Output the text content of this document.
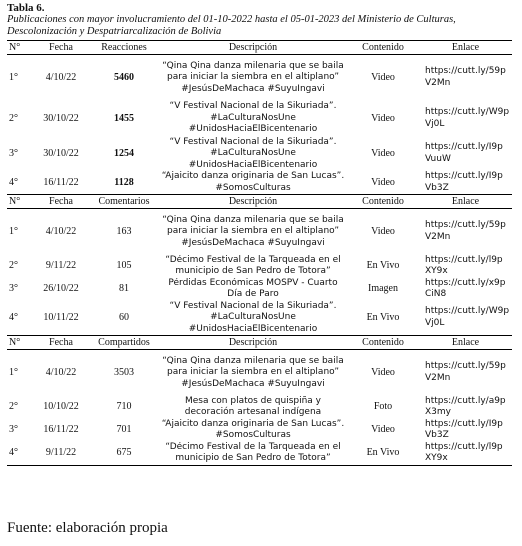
Tabla 6.
Publicaciones con mayor involucramiento del 01-10-2022 hasta el 05-01-2023 del Ministerio de Culturas, Descolonización y Despatriarcalización de Bolivia
N°	Fecha	Reacciones	Descripción	Contenido	Enlace
1°	4/10/22	5460	“Qina Qina danza milenaria que se baila para iniciar la siembra en el altiplano” #JesúsDeMachaca #SuyuIngavi	Video	https://cutt.ly/59p
V2Mn
2°	30/10/22	1455	“V Festival Nacional de la Sikuriada”. #LaCulturaNosUne #UnidosHaciaElBicentenario	Video	https://cutt.ly/W9p
Vj0L
3°	30/10/22	1254	“V Festival Nacional de la Sikuriada”. #LaCulturaNosUne #UnidosHaciaElBicentenario	Video	https://cutt.ly/I9p
VuuW
4°	16/11/22	1128	“Ajaicito danza originaria de San Lucas”. #SomosCulturas	Video	https://cutt.ly/I9p
Vb3Z
N°	Fecha	Comentarios	Descripción	Contenido	Enlace
1°	4/10/22	163	“Qina Qina danza milenaria que se baila para iniciar la siembra en el altiplano” #JesúsDeMachaca #SuyuIngavi	Video	https://cutt.ly/59p
V2Mn
2°	9/11/22	105	“Décimo Festival de la Tarqueada en el municipio de San Pedro de Totora”	En Vivo	https://cutt.ly/l9p
XY9x
3°	26/10/22	81	Pérdidas Económicas MOSPV - Cuarto Día de Paro	Imagen	https://cutt.ly/x9p
CiN8
4°	10/11/22	60	“V Festival Nacional de la Sikuriada”. #LaCulturaNosUne #UnidosHaciaElBicentenario	En Vivo	https://cutt.ly/W9p
Vj0L
N°	Fecha	Compartidos	Descripción	Contenido	Enlace
1°	4/10/22	3503	“Qina Qina danza milenaria que se baila para iniciar la siembra en el altiplano” #JesúsDeMachaca #SuyuIngavi	Video	https://cutt.ly/59p
V2Mn
2°	10/10/22	710	Mesa con platos de quispiña y decoración artesanal indígena	Foto	https://cutt.ly/a9p
X3my
3°	16/11/22	701	“Ajaicito danza originaria de San Lucas”. #SomosCulturas	Video	https://cutt.ly/I9p
Vb3Z
4°	9/11/22	675	“Décimo Festival de la Tarqueada en el municipio de San Pedro de Totora”	En Vivo	https://cutt.ly/l9p
XY9x
Fuente: elaboración propia
